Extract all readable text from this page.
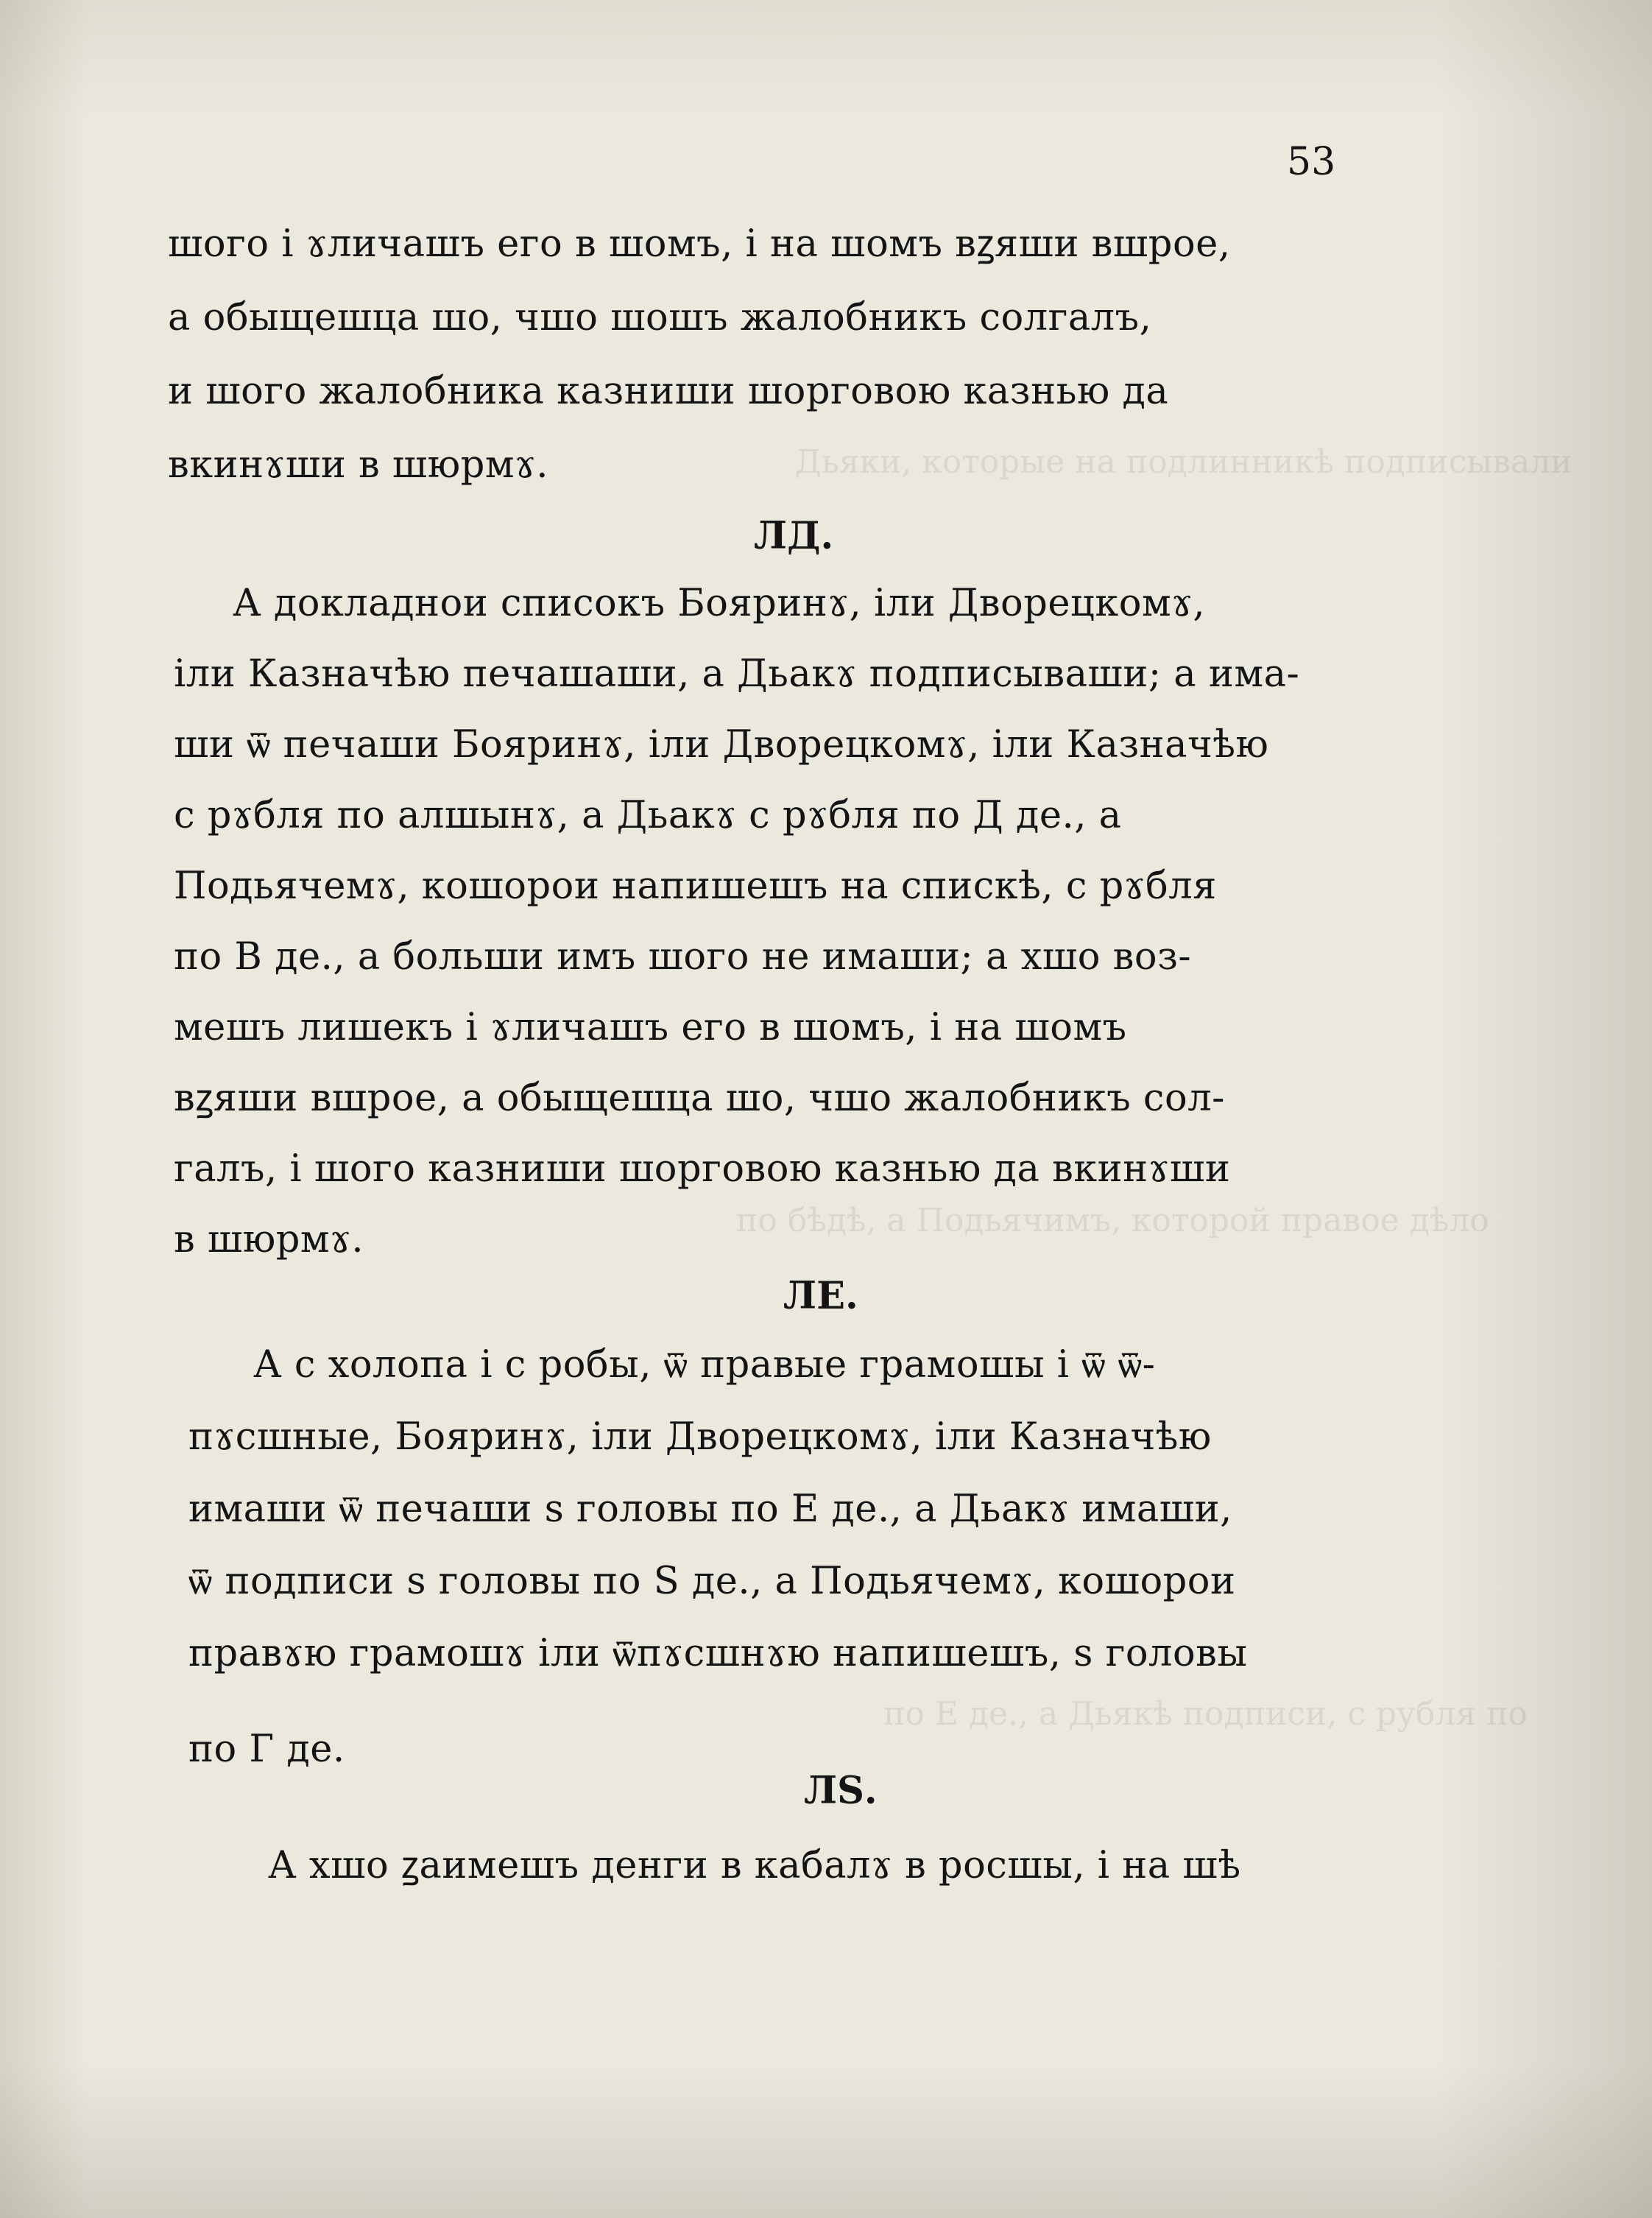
Дьяки, которые на подлинникѣ подписывали
по бѣдѣ, а Подьячимъ, которой правое дѣло
по Е де., а Дьякѣ подписи, с рубля по
53
шого і ɤличашъ его в шомъ, і на шомъ вꙁяши вшрое,
а обыщешца шо, чшо шошъ жалобникъ солгалъ,
и шого жалобника казниши шорговою казнью да
вкинɤши в шюрмɤ.
ЛД.
А докладнои списокъ Бояринɤ, іли Дворецкомɤ,
іли Казначѣю печашаши, а Дьакɤ подписываши; а има-
ши ѿ печаши Бояринɤ, іли Дворецкомɤ, іли Казначѣю
с рɤбля по алшынɤ, а Дьакɤ с рɤбля по Д де., а
Подьячемɤ, кошорои напишешъ на спискѣ, с рɤбля
по В де., а больши имъ шого не имаши; а хшо воз-
мешъ лишекъ і ɤличашъ его в шомъ, і на шомъ
вꙁяши вшрое, а обыщешца шо, чшо жалобникъ сол-
галъ, і шого казниши шорговою казнью да вкинɤши
в шюрмɤ.
ЛЕ.
А с холопа і с робы, ѿ правые грамошы і ѿ ѿ-
пɤсшные, Бояринɤ, іли Дворецкомɤ, іли Казначѣю
имаши ѿ печаши ѕ головы по Е де., а Дьакɤ имаши,
ѿ подписи ѕ головы по Ѕ де., а Подьячемɤ, кошорои
правɤю грамошɤ іли ѿпɤсшнɤю напишешъ, ѕ головы
по Г де.
ЛЅ.
А хшо ꙁаимешъ денги в кабалɤ в росшы, і на шѣ
